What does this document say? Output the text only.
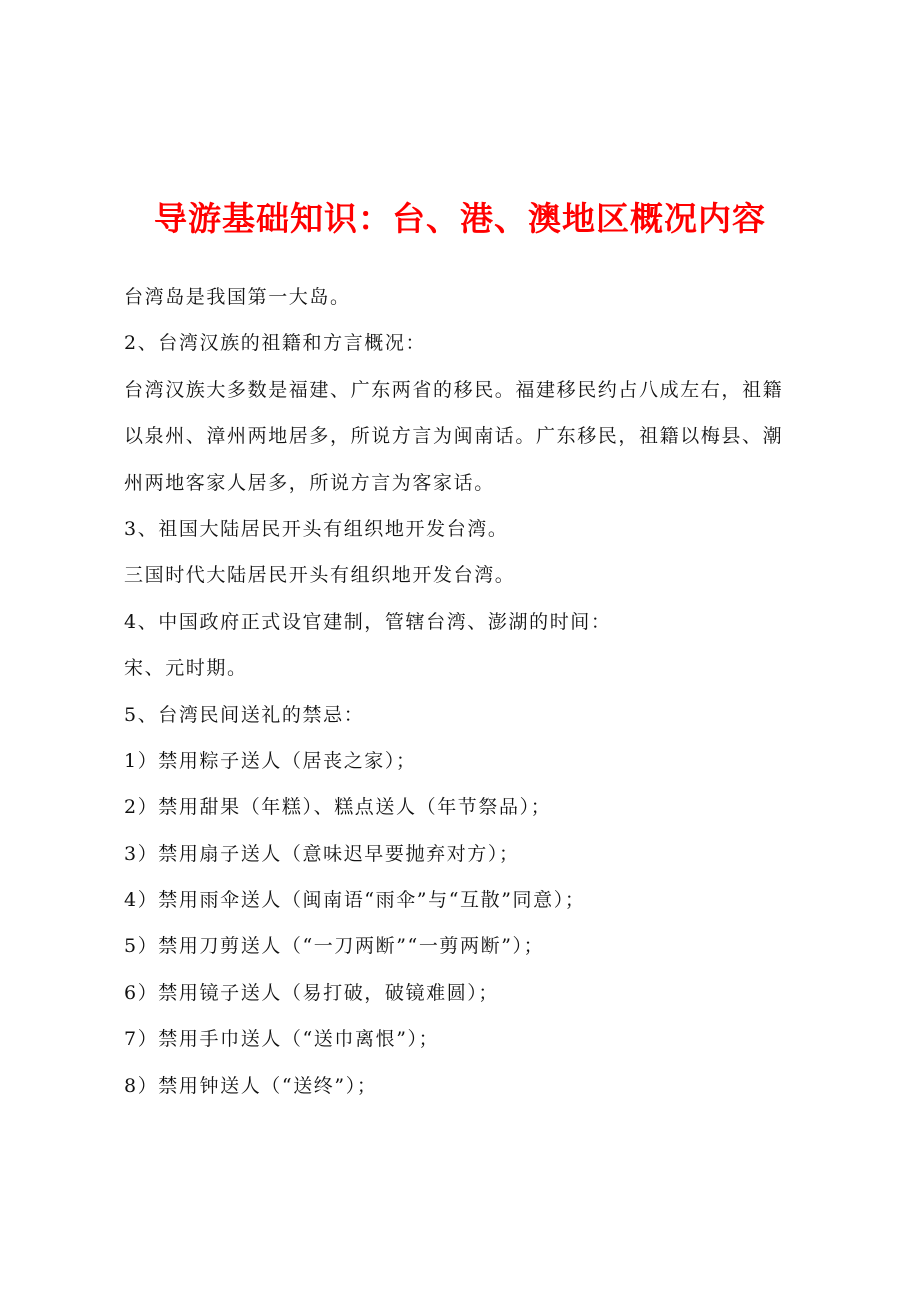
导游基础知识：台、港、澳地区概况内容

台湾岛是我国第一大岛。

2、台湾汉族的祖籍和方言概况：

台湾汉族大多数是福建、广东两省的移民。福建移民约占八成左右，祖籍

以泉州、漳州两地居多，所说方言为闽南话。广东移民，祖籍以梅县、潮

州两地客家人居多，所说方言为客家话。

3、祖国大陆居民开头有组织地开发台湾。

三国时代大陆居民开头有组织地开发台湾。

4、中国政府正式设官建制，管辖台湾、澎湖的时间：

宋、元时期。

5、台湾民间送礼的禁忌：

1）禁用粽子送人（居丧之家）；

2）禁用甜果（年糕）、糕点送人（年节祭品）；

3）禁用扇子送人（意味迟早要抛弃对方）；

4）禁用雨伞送人（闽南语“雨伞”与“互散”同意）；

5）禁用刀剪送人（“一刀两断”“一剪两断”）；

6）禁用镜子送人（易打破，破镜难圆）；

7）禁用手巾送人（“送巾离恨”）；

8）禁用钟送人（“送终”）；
